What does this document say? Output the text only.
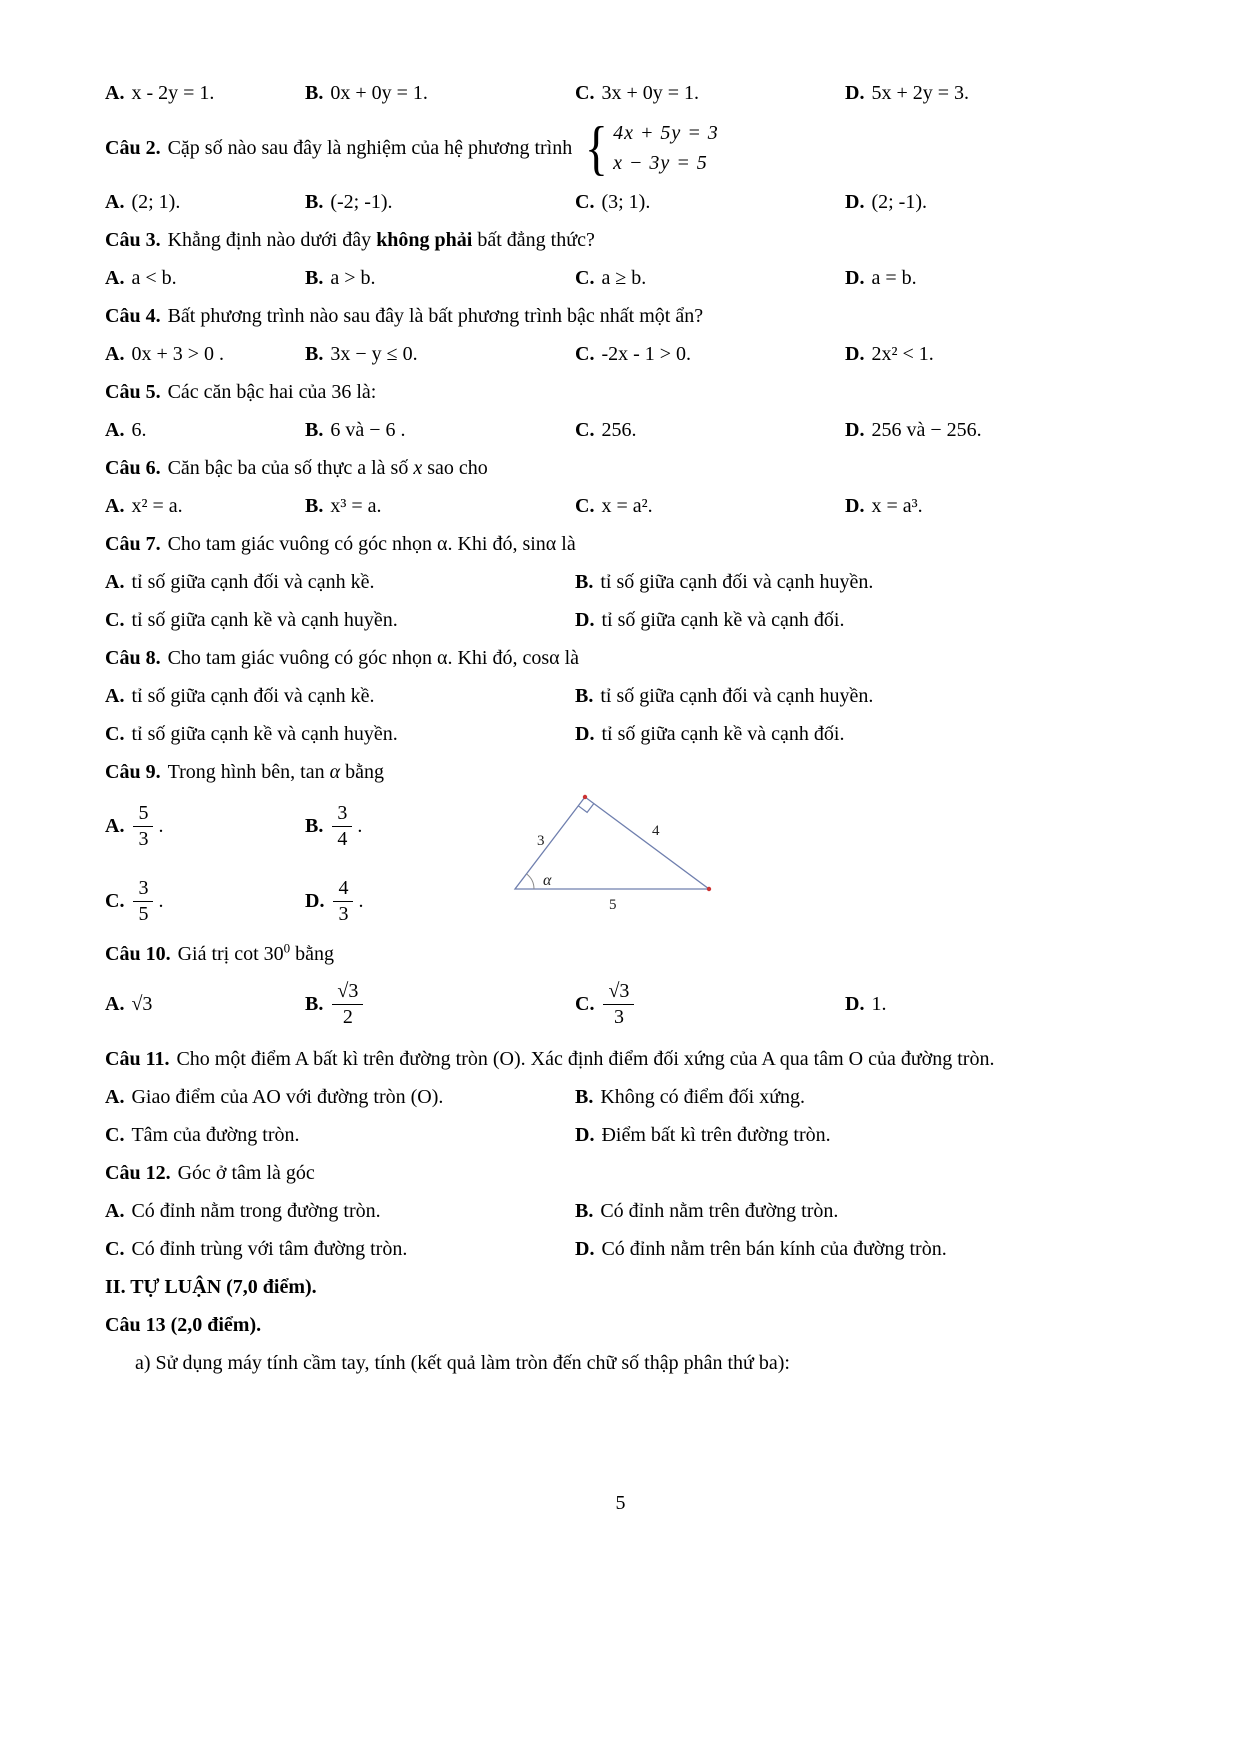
A. x - 2y = 1.	B. 0x + 0y = 1.	C. 3x + 0y = 1.	D. 5x + 2y = 3.
Câu 2. Cặp số nào sau đây là nghiệm của hệ phương trình { 4x + 5y = 3
x − 3y = 5
A. (2; 1).	B. (-2; -1).	C. (3; 1).	D. (2; -1).

Câu 3. Khẳng định nào dưới đây không phải bất đẳng thức?

A. a < b.	B. a > b.	C. a ≥ b.	D. a = b.

Câu 4. Bất phương trình nào sau đây là bất phương trình bậc nhất một ẩn?

A. 0x + 3 > 0 .	B. 3x − y ≤ 0.	C. -2x - 1 > 0.	D. 2x² < 1.

Câu 5. Các căn bậc hai của 36 là:

A. 6.	B. 6 và − 6 .	C. 256.	D. 256 và − 256.

Câu 6. Căn bậc ba của số thực a là số x sao cho

A. x² = a.	B. x³ = a.	C. x = a².	D. x = a³.

Câu 7. Cho tam giác vuông có góc nhọn α. Khi đó, sinα là

A. tỉ số giữa cạnh đối và cạnh kề.	B. tỉ số giữa cạnh đối và cạnh huyền.
C. tỉ số giữa cạnh kề và cạnh huyền.	D. tỉ số giữa cạnh kề và cạnh đối.

Câu 8. Cho tam giác vuông có góc nhọn α. Khi đó, cosα là

A. tỉ số giữa cạnh đối và cạnh kề.	B. tỉ số giữa cạnh đối và cạnh huyền.
C. tỉ số giữa cạnh kề và cạnh huyền.	D. tỉ số giữa cạnh kề và cạnh đối.

Câu 9. Trong hình bên, tan α bằng

A. $\frac{5}{3}$ .	B. $\frac{3}{4}$ .
C. $\frac{3}{5}$ .	D. $\frac{4}{3}$ .
3
4
5
α

Câu 10. Giá trị $\cot 30^0$ bằng

A. √3	B. $\frac{√3}{2}$	C. $\frac{√3}{3}$	D. 1.

Câu 11. Cho một điểm A bất kì trên đường tròn (O). Xác định điểm đối xứng của A qua tâm O của đường tròn.

A. Giao điểm của AO với đường tròn (O).	B. Không có điểm đối xứng.
C. Tâm của đường tròn.	D. Điểm bất kì trên đường tròn.

Câu 12. Góc ở tâm là góc

A. Có đỉnh nằm trong đường tròn.	B. Có đỉnh nằm trên đường tròn.
C. Có đỉnh trùng với tâm đường tròn.	D. Có đỉnh nằm trên bán kính của đường tròn.

II. TỰ LUẬN (7,0 điểm).

Câu 13 (2,0 điểm).

a) Sử dụng máy tính cầm tay, tính (kết quả làm tròn đến chữ số thập phân thứ ba):

5
